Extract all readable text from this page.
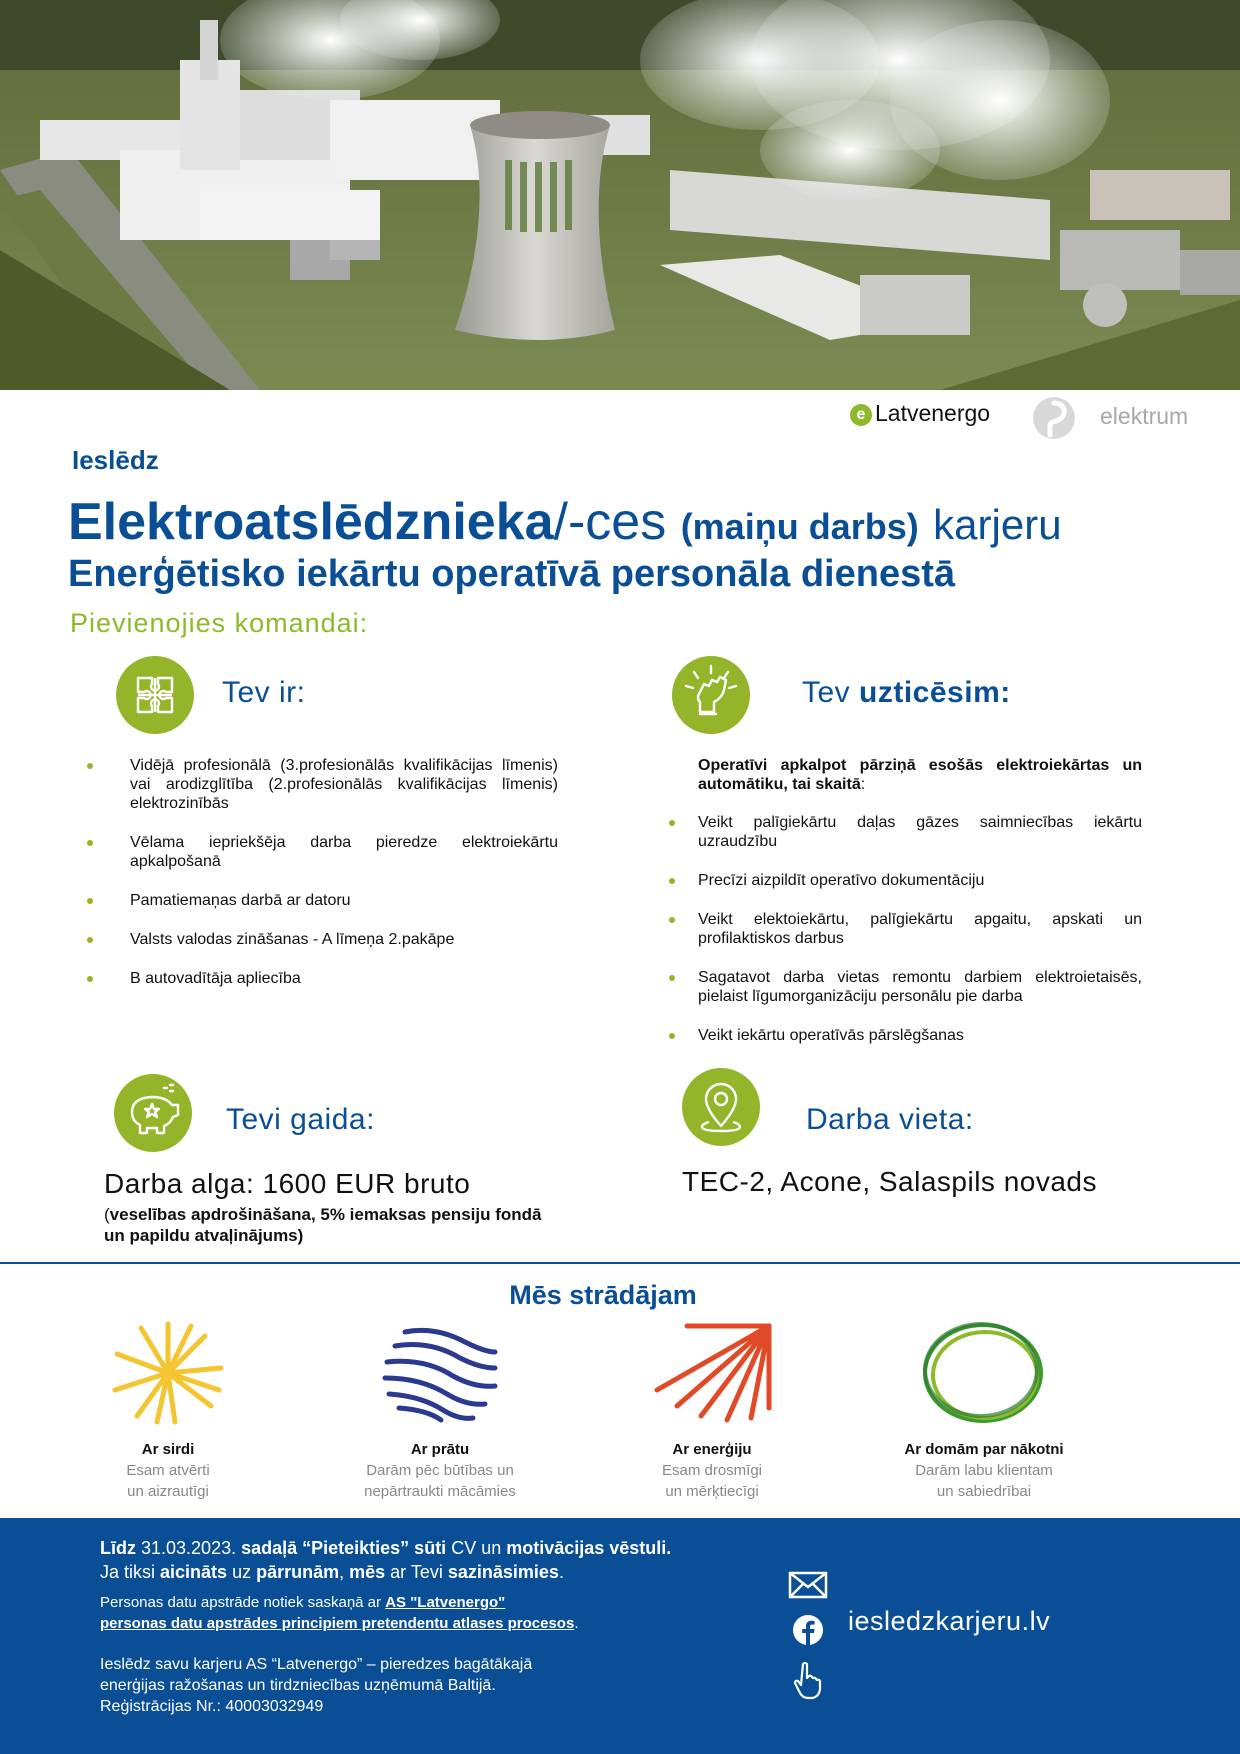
e Latvenergo	elektrum
Ieslēdz
Elektroatslēdznieka/-ces (maiņu darbs) karjeru
Enerģētisko iekārtu operatīvā personāla dienestā
Pievienojies komandai:
Tev ir:
Vidējā profesionālā (3.profesionālās kvalifikācijas līmenis) vai arodizglītība (2.profesionālās kvalifikācijas līmenis) elektrozinībās
Vēlama iepriekšēja darba pieredze elektroiekārtu apkalpošanā
Pamatiemaņas darbā ar datoru
Valsts valodas zināšanas - A līmeņa 2.pakāpe
B autovadītāja apliecība
Tev uzticēsim:
Operatīvi apkalpot pārziņā esošās elektroiekārtas un automātiku, tai skaitā:
Veikt palīgiekārtu daļas gāzes saimniecības iekārtu uzraudzību
Precīzi aizpildīt operatīvo dokumentāciju
Veikt elektoiekārtu, palīgiekārtu apgaitu, apskati un profilaktiskos darbus
Sagatavot darba vietas remontu darbiem elektroietaisēs, pielaist līgumorganizāciju personālu pie darba
Veikt iekārtu operatīvās pārslēgšanas
Tevi gaida:
Darba alga: 1600 EUR bruto
(veselības apdrošināšana, 5% iemaksas pensiju fondā
un papildu atvaļinājums)
Darba vieta:
TEC-2, Acone, Salaspils novads
Mēs strādājam
Ar sirdi
Esam atvērti
un aizrautīgi
Ar prātu
Darām pēc būtības un
nepārtraukti mācāmies
Ar enerģiju
Esam drosmīgi
un mērķtiecīgi
Ar domām par nākotni
Darām labu klientam
un sabiedrībai
Līdz 31.03.2023. sadaļā “Pieteikties” sūti CV un motivācijas vēstuli.
Ja tiksi aicināts uz pārrunām, mēs ar Tevi sazināsimies.
Personas datu apstrāde notiek saskaņā ar AS "Latvenergo"
personas datu apstrādes principiem pretendentu atlases procesos.
Ieslēdz savu karjeru AS “Latvenergo” – pieredzes bagātākajā
enerģijas ražošanas un tirdzniecības uzņēmumā Baltijā.
Reģistrācijas Nr.: 40003032949
iesledzkarjeru.lv
